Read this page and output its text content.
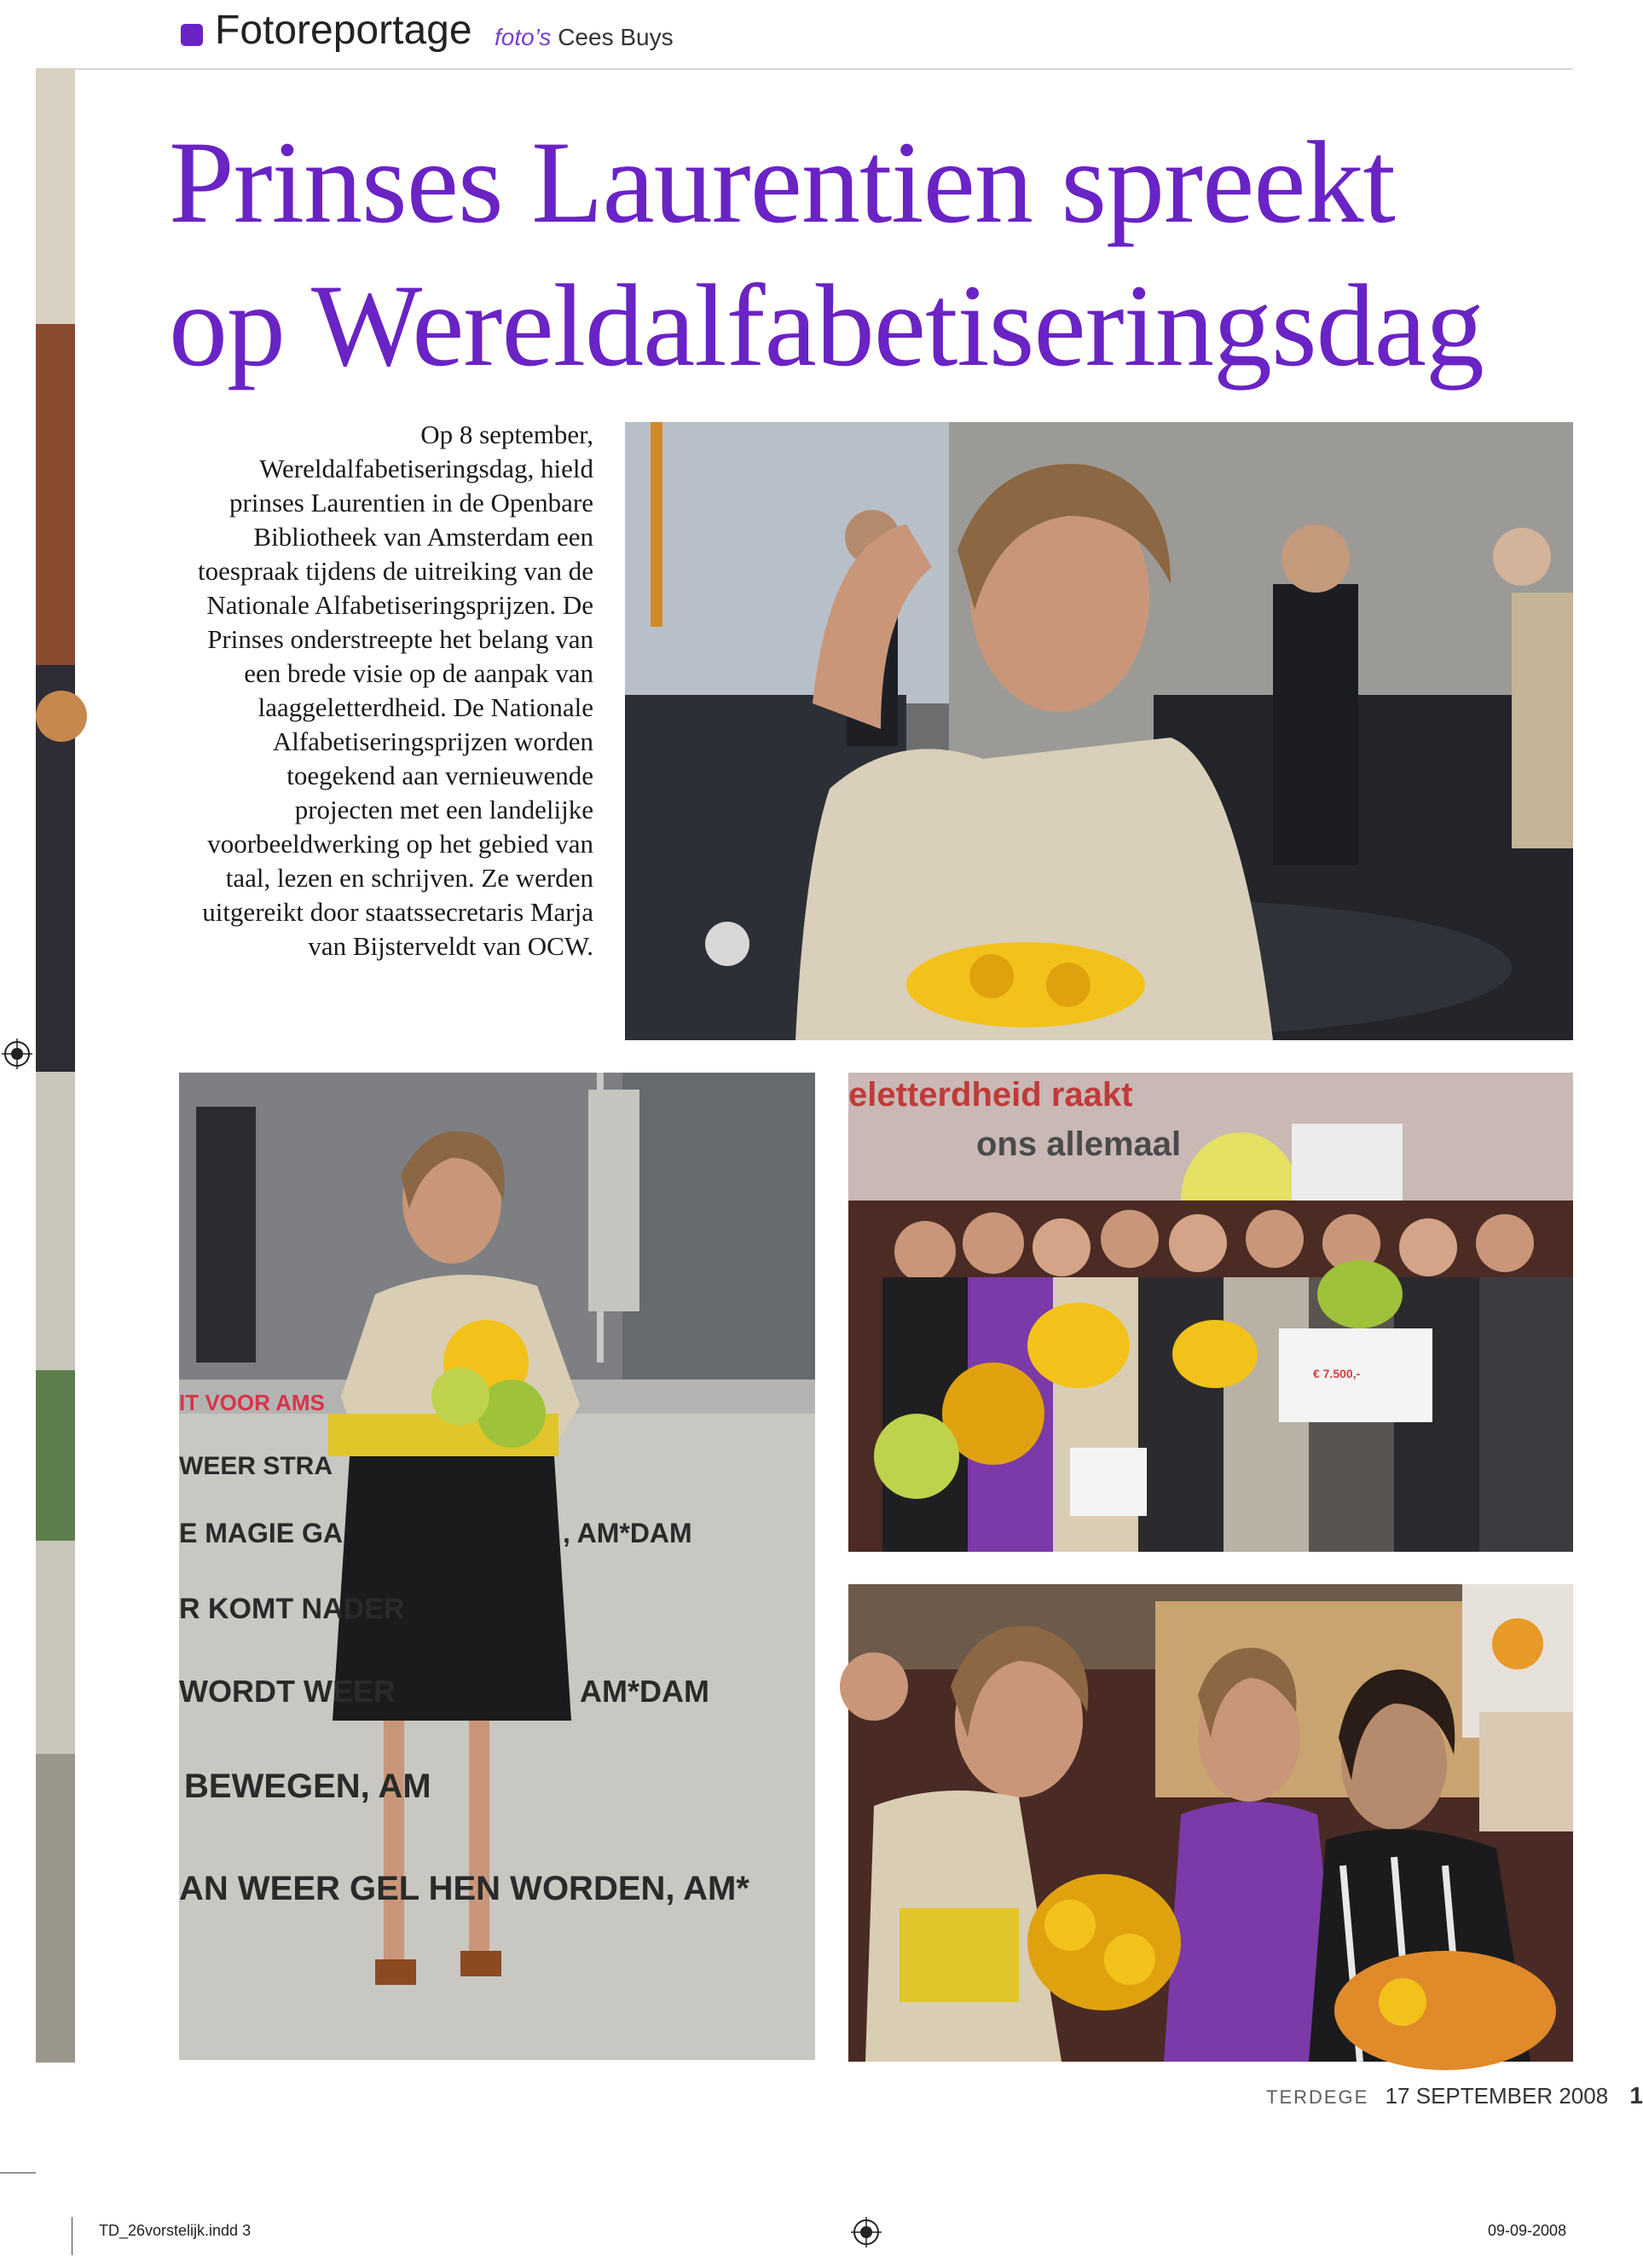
Fotoreportage foto’s Cees Buys
Prinses Laurentien spreekt
op Wereldalfabetiseringsdag
Op 8 september, Wereldalfabetiseringsdag, hield prinses Laurentien in de Openbare Bibliotheek van Amsterdam een toespraak tijdens de uitreiking van de Nationale Alfabetiseringsprijzen. De Prinses onderstreepte het belang van een brede visie op de aanpak van laaggeletterdheid. De Nationale Alfabetiseringsprijzen worden toegekend aan vernieuwende projecten met een landelijke voorbeeldwerking op het gebied van taal, lezen en schrijven. Ze werden uitgereikt door staatssecretaris Marja van Bijsterveldt van OCW.
IT VOOR AMS
WEER STRA
E MAGIE GA	, AM*DAM
R KOMT NADER
WORDT WEER	AM*DAM
BEWEGEN, AM
AN WEER GEL HEN WORDEN, AM*
eletterdheid raakt
ons allemaal
€ 7.500,-
TERDEGE 17 SEPTEMBER 2008 1
TD_26vorstelijk.indd 3	09-09-2008
